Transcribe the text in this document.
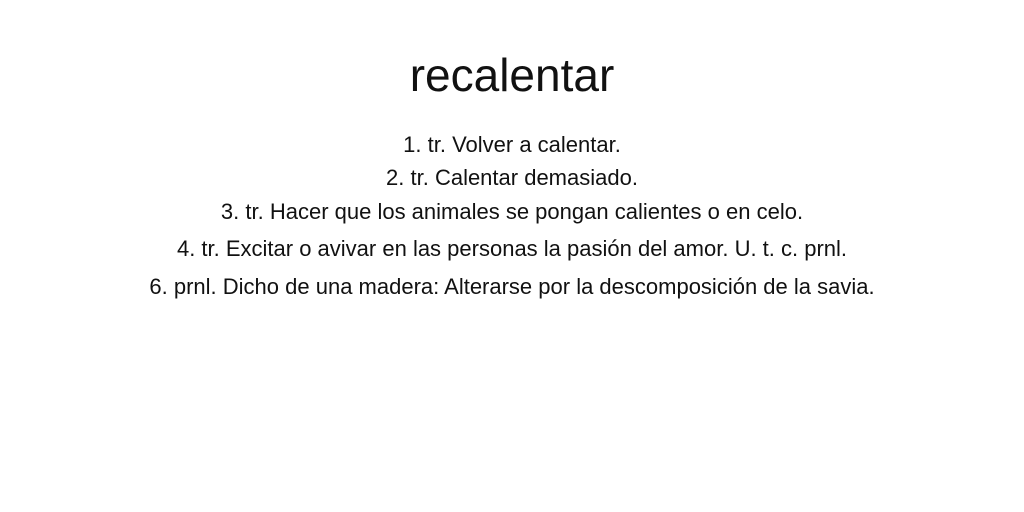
recalentar

1. tr. Volver a calentar.

2. tr. Calentar demasiado.

3. tr. Hacer que los animales se pongan calientes o en celo.

4. tr. Excitar o avivar en las personas la pasión del amor. U. t. c. prnl.

6. prnl. Dicho de una madera: Alterarse por la descomposición de la savia.
